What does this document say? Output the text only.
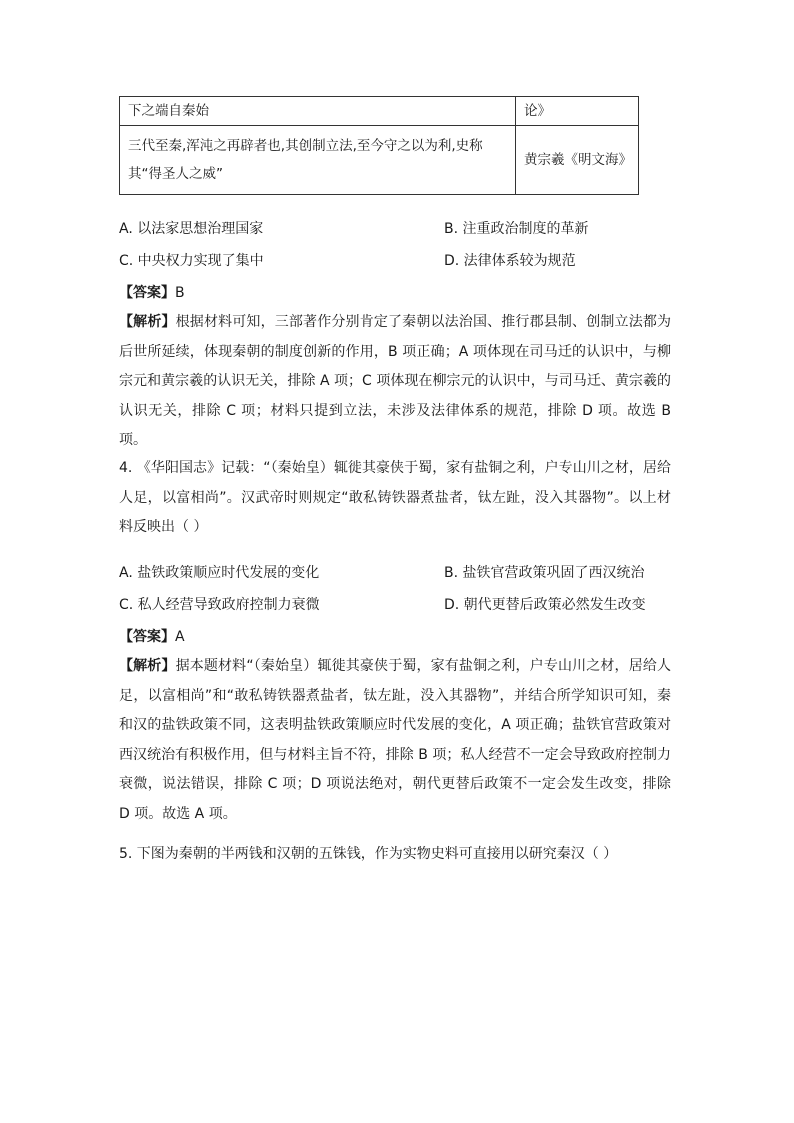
下之端自秦始	论》
三代至秦,浑沌之再辟者也,其创制立法,至今守之以为利,史称其“得圣人之威”	黄宗羲《明文海》
A. 以法家思想治理国家	B. 注重政治制度的革新
C. 中央权力实现了集中	D. 法律体系较为规范
【答案】B
【解析】根据材料可知，三部著作分别肯定了秦朝以法治国、推行郡县制、创制立法都为后世所延续，体现秦朝的制度创新的作用，B 项正确；A 项体现在司马迁的认识中，与柳宗元和黄宗羲的认识无关，排除 A 项；C 项体现在柳宗元的认识中，与司马迁、黄宗羲的认识无关，排除 C 项；材料只提到立法，未涉及法律体系的规范，排除 D 项。故选 B 项。
4. 《华阳国志》记载：“（秦始皇）辄徙其豪侠于蜀，家有盐铜之利，户专山川之材，居给人足，以富相尚”。汉武帝时则规定“敢私铸铁器煮盐者，钛左趾，没入其器物”。以上材料反映出（ ）
A. 盐铁政策顺应时代发展的变化	B. 盐铁官营政策巩固了西汉统治
C. 私人经营导致政府控制力衰微	D. 朝代更替后政策必然发生改变
【答案】A
【解析】据本题材料“（秦始皇）辄徙其豪侠于蜀，家有盐铜之利，户专山川之材，居给人足，以富相尚”和“敢私铸铁器煮盐者，钛左趾，没入其器物”，并结合所学知识可知，秦和汉的盐铁政策不同，这表明盐铁政策顺应时代发展的变化，A 项正确；盐铁官营政策对西汉统治有积极作用，但与材料主旨不符，排除 B 项；私人经营不一定会导致政府控制力衰微，说法错误，排除 C 项；D 项说法绝对，朝代更替后政策不一定会发生改变，排除 D 项。故选 A 项。
5. 下图为秦朝的半两钱和汉朝的五铢钱，作为实物史料可直接用以研究秦汉（ ）
